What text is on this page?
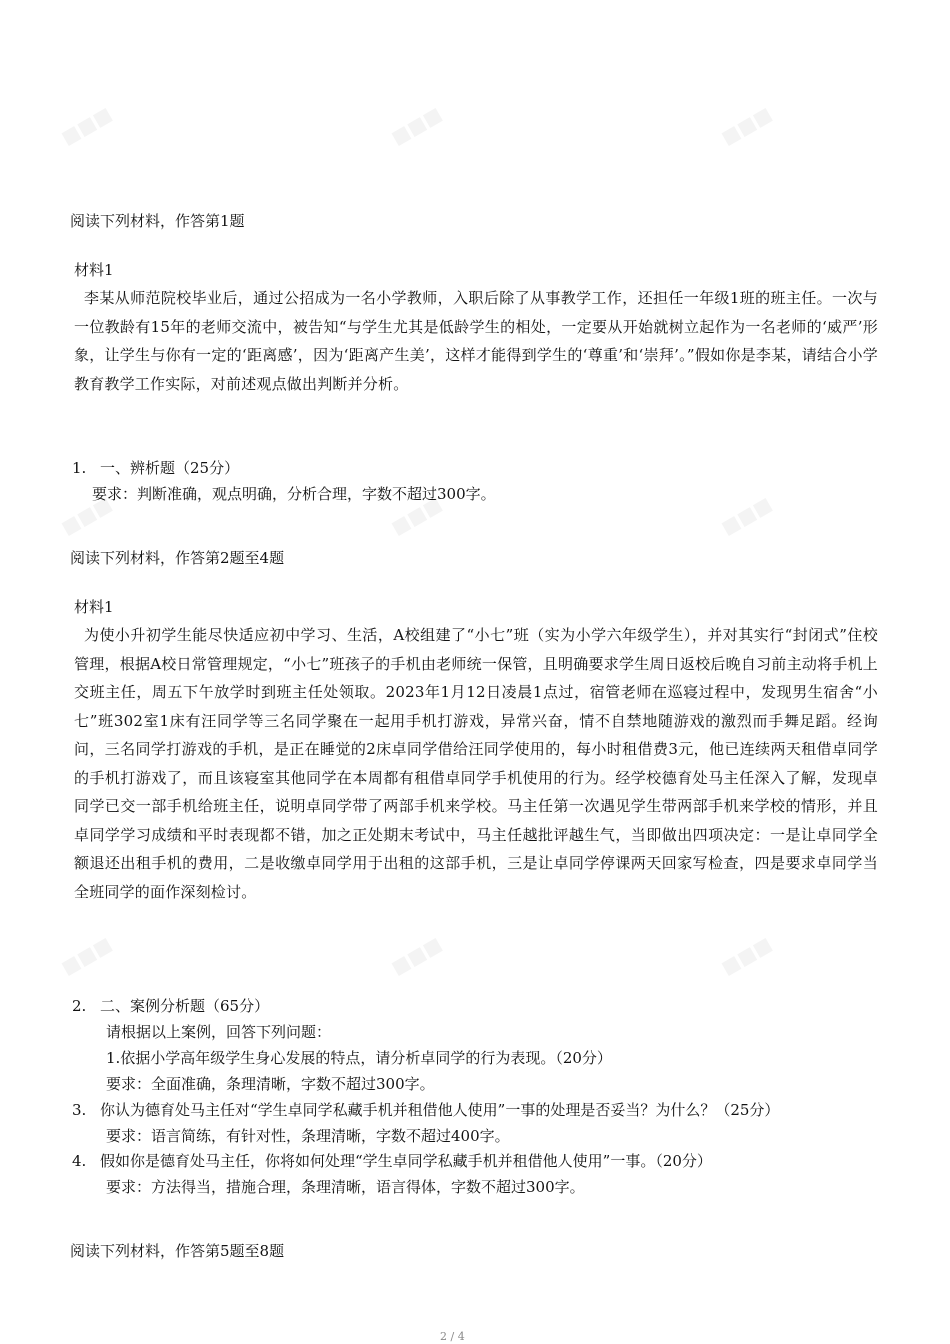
■■■	■■■	■■■
■■■	■■■	■■■
■■■	■■■	■■■
阅读下列材料，作答第1题
材料1
李某从师范院校毕业后，通过公招成为一名小学教师，入职后除了从事教学工作，还担任一年级1班的班主任。一次与一位教龄有15年的老师交流中，被告知“与学生尤其是低龄学生的相处，一定要从开始就树立起作为一名老师的‘威严’形象，让学生与你有一定的‘距离感’，因为‘距离产生美’，这样才能得到学生的‘尊重’和‘崇拜’。”假如你是李某，请结合小学教育教学工作实际，对前述观点做出判断并分析。
1. 一、辨析题（25分）
要求：判断准确，观点明确，分析合理，字数不超过300字。
阅读下列材料，作答第2题至4题
材料1
为使小升初学生能尽快适应初中学习、生活，A校组建了“小七”班（实为小学六年级学生），并对其实行“封闭式”住校管理，根据A校日常管理规定，“小七”班孩子的手机由老师统一保管，且明确要求学生周日返校后晚自习前主动将手机上交班主任，周五下午放学时到班主任处领取。2023年1月12日凌晨1点过，宿管老师在巡寝过程中，发现男生宿舍“小七”班302室1床有汪同学等三名同学聚在一起用手机打游戏，异常兴奋，情不自禁地随游戏的激烈而手舞足蹈。经询问，三名同学打游戏的手机，是正在睡觉的2床卓同学借给汪同学使用的，每小时租借费3元，他已连续两天租借卓同学的手机打游戏了，而且该寝室其他同学在本周都有租借卓同学手机使用的行为。经学校德育处马主任深入了解，发现卓同学已交一部手机给班主任，说明卓同学带了两部手机来学校。马主任第一次遇见学生带两部手机来学校的情形，并且卓同学学习成绩和平时表现都不错，加之正处期末考试中，马主任越批评越生气，当即做出四项决定：一是让卓同学全额退还出租手机的费用，二是收缴卓同学用于出租的这部手机，三是让卓同学停课两天回家写检查，四是要求卓同学当全班同学的面作深刻检讨。
2. 二、案例分析题（65分）
请根据以上案例，回答下列问题：
1.依据小学高年级学生身心发展的特点，请分析卓同学的行为表现。（20分）
要求：全面准确，条理清晰，字数不超过300字。
3. 你认为德育处马主任对“学生卓同学私藏手机并租借他人使用”一事的处理是否妥当？为什么？（25分）
要求：语言简练，有针对性，条理清晰，字数不超过400字。
4. 假如你是德育处马主任，你将如何处理“学生卓同学私藏手机并租借他人使用”一事。（20分）
要求：方法得当，措施合理，条理清晰，语言得体，字数不超过300字。
阅读下列材料，作答第5题至8题
2 / 4
